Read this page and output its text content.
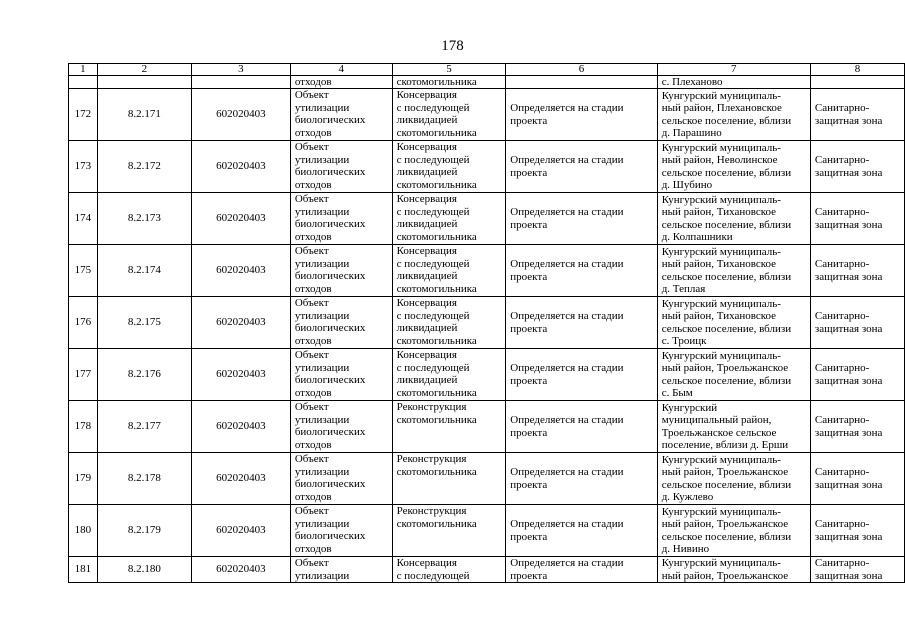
178
1	2	3	4	5	6	7	8
			отходов	скотомогильника		с. Плеханово	

172	8.2.171	602020403	Объект
утилизации
биологических
отходов	Консервация
с последующей
ликвидацией
скотомогильника	Определяется на стадии
проекта	Кунгурский муниципаль-
ный район, Плехановское
сельское поселение, вблизи
д. Парашино	Санитарно-
защитная зона

173	8.2.172	602020403	Объект
утилизации
биологических
отходов	Консервация
с последующей
ликвидацией
скотомогильника	Определяется на стадии
проекта	Кунгурский муниципаль-
ный район, Неволинское
сельское поселение, вблизи
д. Шубино	Санитарно-
защитная зона

174	8.2.173	602020403	Объект
утилизации
биологических
отходов	Консервация
с последующей
ликвидацией
скотомогильника	Определяется на стадии
проекта	Кунгурский муниципаль-
ный район, Тихановское
сельское поселение, вблизи
д. Колпашники	Санитарно-
защитная зона

175	8.2.174	602020403	Объект
утилизации
биологических
отходов	Консервация
с последующей
ликвидацией
скотомогильника	Определяется на стадии
проекта	Кунгурский муниципаль-
ный район, Тихановское
сельское поселение, вблизи
д. Теплая	Санитарно-
защитная зона

176	8.2.175	602020403	Объект
утилизации
биологических
отходов	Консервация
с последующей
ликвидацией
скотомогильника	Определяется на стадии
проекта	Кунгурский муниципаль-
ный район, Тихановское
сельское поселение, вблизи
с. Троицк	Санитарно-
защитная зона

177	8.2.176	602020403	Объект
утилизации
биологических
отходов	Консервация
с последующей
ликвидацией
скотомогильника	Определяется на стадии
проекта	Кунгурский муниципаль-
ный район, Троельжанское
сельское поселение, вблизи
с. Бым	Санитарно-
защитная зона

178	8.2.177	602020403	Объект
утилизации
биологических
отходов	Реконструкция
скотомогильника	Определяется на стадии
проекта	Кунгурский
муниципальный район,
Троельжанское сельское
поселение, вблизи д. Ерши	Санитарно-
защитная зона

179	8.2.178	602020403	Объект
утилизации
биологических
отходов	Реконструкция
скотомогильника	Определяется на стадии
проекта	Кунгурский муниципаль-
ный район, Троельжанское
сельское поселение, вблизи
д. Кужлево	Санитарно-
защитная зона

180	8.2.179	602020403	Объект
утилизации
биологических
отходов	Реконструкция
скотомогильника	Определяется на стадии
проекта	Кунгурский муниципаль-
ный район, Троельжанское
сельское поселение, вблизи
д. Нивино	Санитарно-
защитная зона

181	8.2.180	602020403	Объект
утилизации	Консервация
с последующей	Определяется на стадии
проекта	Кунгурский муниципаль-
ный район, Троельжанское	Санитарно-
защитная зона
